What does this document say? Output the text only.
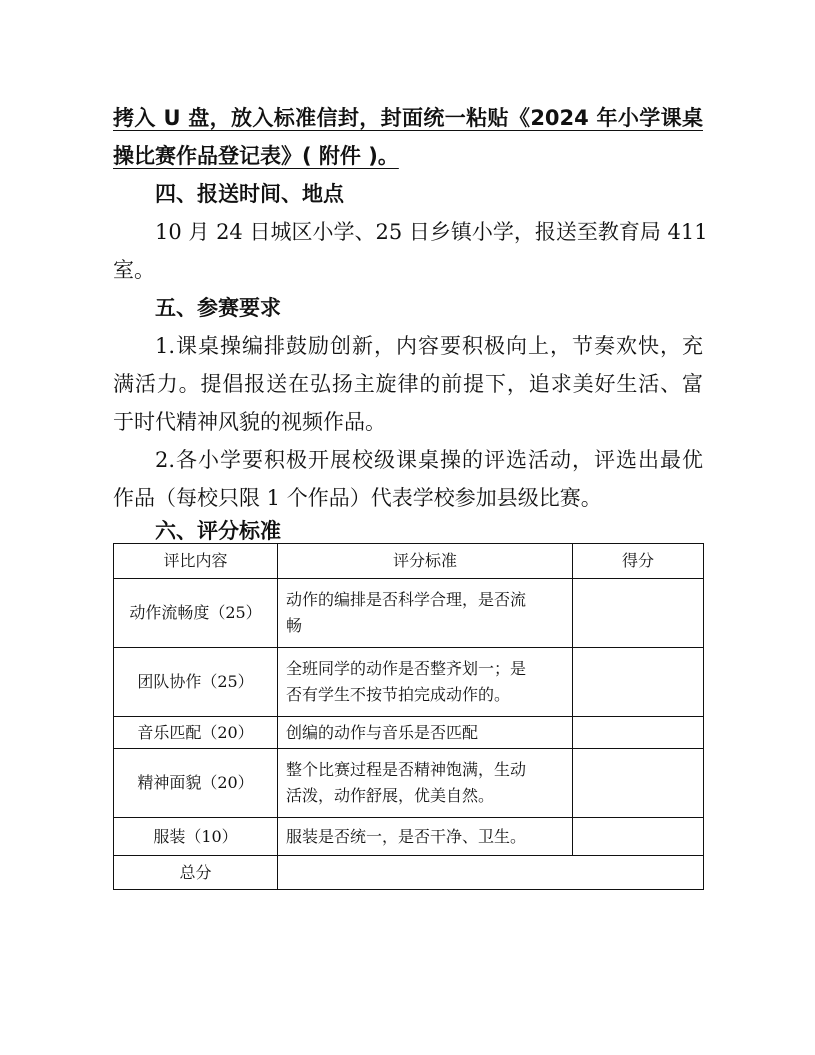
拷入 U 盘，放入标准信封，封面统一粘贴《2024 年小学课桌
操比赛作品登记表》( 附件 )。
四、报送时间、地点
10 月 24 日城区小学、25 日乡镇小学，报送至教育局 411
室。
五、参赛要求
1.课桌操编排鼓励创新，内容要积极向上，节奏欢快，充
满活力。提倡报送在弘扬主旋律的前提下，追求美好生活、富
于时代精神风貌的视频作品。
2.各小学要积极开展校级课桌操的评选活动，评选出最优
作品（每校只限 1 个作品）代表学校参加县级比赛。
六、评分标准
评比内容	评分标准	得分
动作流畅度（25）	动作的编排是否科学合理，是否流
畅	

团队协作（25）	全班同学的动作是否整齐划一；是
否有学生不按节拍完成动作的。	

音乐匹配（20）	创编的动作与音乐是否匹配	

精神面貌（20）	整个比赛过程是否精神饱满，生动
活泼，动作舒展，优美自然。	

服装（10）	服装是否统一，是否干净、卫生。	

总分		
